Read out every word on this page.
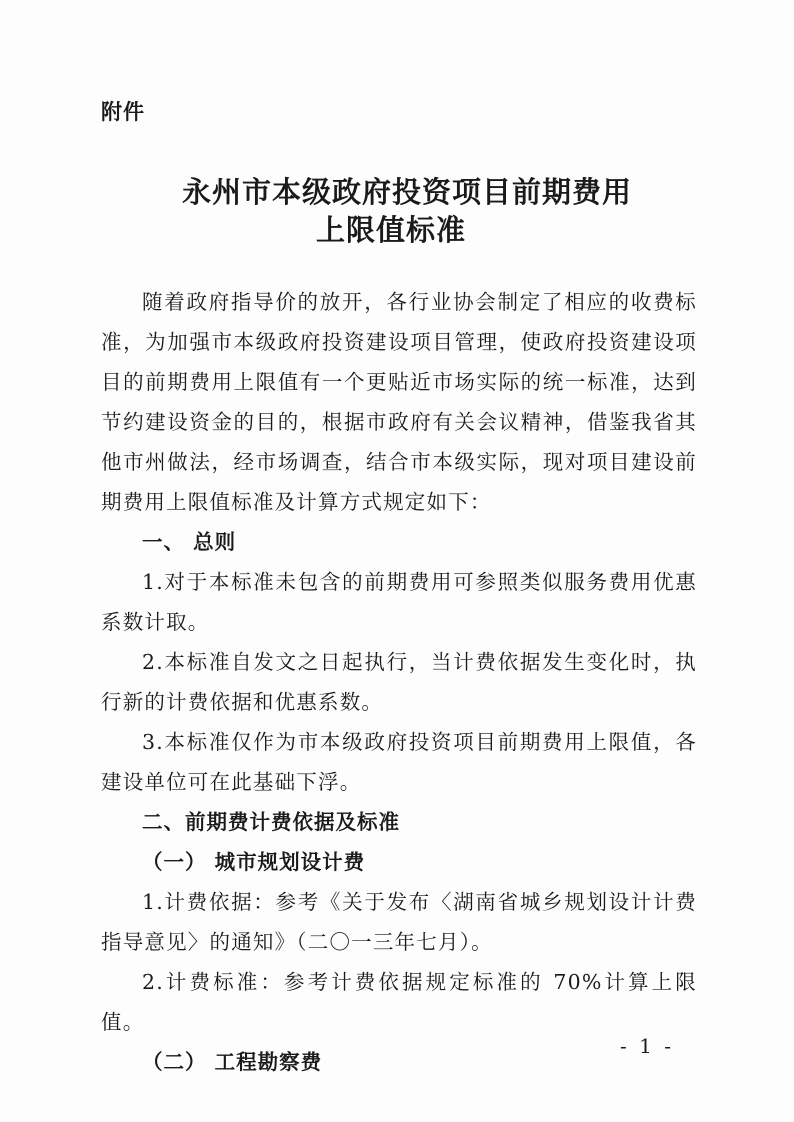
附件
永州市本级政府投资项目前期费用
上限值标准

随着政府指导价的放开，各行业协会制定了相应的收费标准，为加强市本级政府投资建设项目管理，使政府投资建设项目的前期费用上限值有一个更贴近市场实际的统一标准，达到节约建设资金的目的，根据市政府有关会议精神，借鉴我省其他市州做法，经市场调查，结合市本级实际，现对项目建设前期费用上限值标准及计算方式规定如下：

一、 总则

1.对于本标准未包含的前期费用可参照类似服务费用优惠系数计取。

2.本标准自发文之日起执行，当计费依据发生变化时，执行新的计费依据和优惠系数。

3.本标准仅作为市本级政府投资项目前期费用上限值，各建设单位可在此基础下浮。

二、前期费计费依据及标准

（一） 城市规划设计费

1.计费依据：参考《关于发布〈湖南省城乡规划设计计费指导意见〉的通知》（二〇一三年七月）。

2.计费标准：参考计费依据规定标准的 70%计算上限值。

（二） 工程勘察费

- 1 -
